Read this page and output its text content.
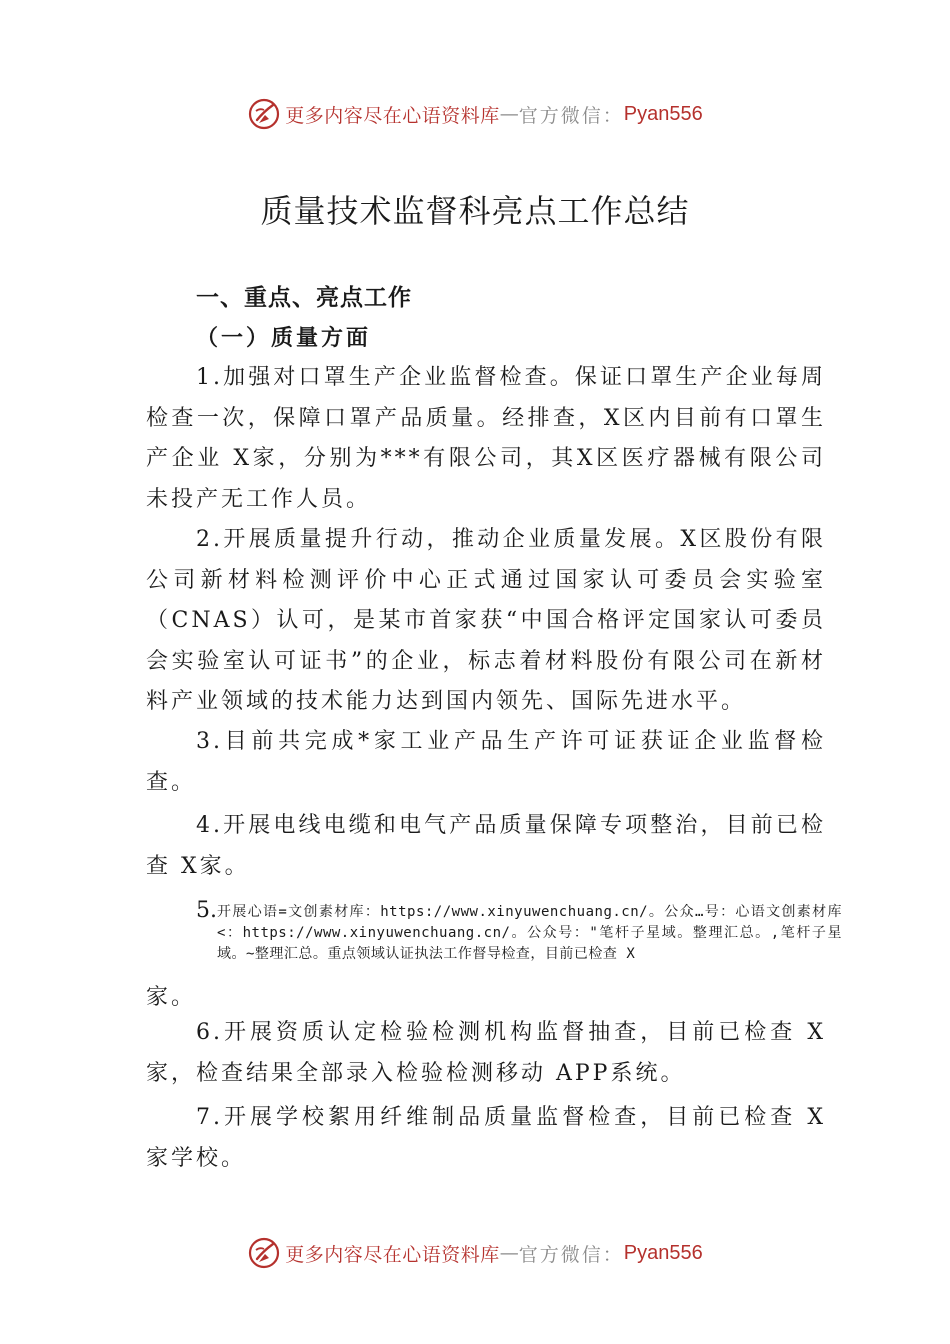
更多内容尽在心语资料库 — 官方微信： Pyan556
质量技术监督科亮点工作总结
一、重点、亮点工作
（一）质量方面

1.加强对口罩生产企业监督检查。保证口罩生产企业每周检查一次，保障口罩产品质量。经排查，X区内目前有口罩生产企业 X家，分别为***有限公司，其X区医疗器械有限公司未投产无工作人员。

2.开展质量提升行动，推动企业质量发展。X区股份有限公司新材料检测评价中心正式通过国家认可委员会实验室（CNAS）认可，是某市首家获“中国合格评定国家认可委员会实验室认可证书”的企业，标志着材料股份有限公司在新材料产业领域的技术能力达到国内领先、国际先进水平。

3.目前共完成*家工业产品生产许可证获证企业监督检查。

4.开展电线电缆和电气产品质量保障专项整治，目前已检查 X家。

5. 开展心语=文创素材库：https://www.xinyuwenchuang.cn/。公众…号：心语文创素材库<：https://www.xinyuwenchuang.cn/。公众号："笔杆子星域。整理汇总。,笔杆子星域。~整理汇总。重点领域认证执法工作督导检查，目前已检查 X

家。

6.开展资质认定检验检测机构监督抽查，目前已检查 X家，检查结果全部录入检验检测移动 APP系统。

7.开展学校絮用纤维制品质量监督检查，目前已检查 X家学校。

更多内容尽在心语资料库 — 官方微信： Pyan556
